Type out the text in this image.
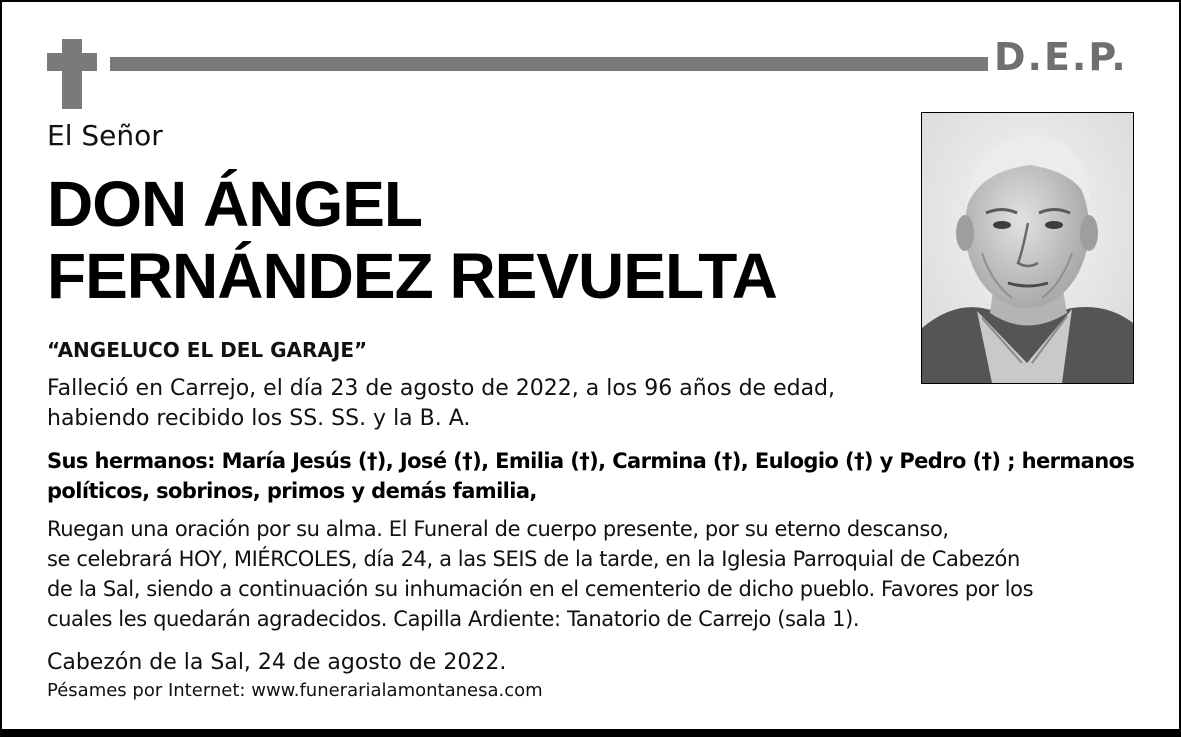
D.E.P.
El Señor
DON ÁNGEL
FERNÁNDEZ REVUELTA
“ANGELUCO EL DEL GARAJE”
Falleció en Carrejo, el día 23 de agosto de 2022, a los 96 años de edad,
habiendo recibido los SS. SS. y la B. A.
Sus hermanos: María Jesús (†), José (†), Emilia (†), Carmina (†), Eulogio (†) y Pedro (†) ; hermanos
políticos, sobrinos, primos y demás familia,
Ruegan una oración por su alma. El Funeral de cuerpo presente, por su eterno descanso,
se celebrará HOY, MIÉRCOLES, día 24, a las SEIS de la tarde, en la Iglesia Parroquial de Cabezón
de la Sal, siendo a continuación su inhumación en el cementerio de dicho pueblo. Favores por los
cuales les quedarán agradecidos. Capilla Ardiente: Tanatorio de Carrejo (sala 1).
Cabezón de la Sal, 24 de agosto de 2022.
Pésames por Internet: www.funerarialamontanesa.com
